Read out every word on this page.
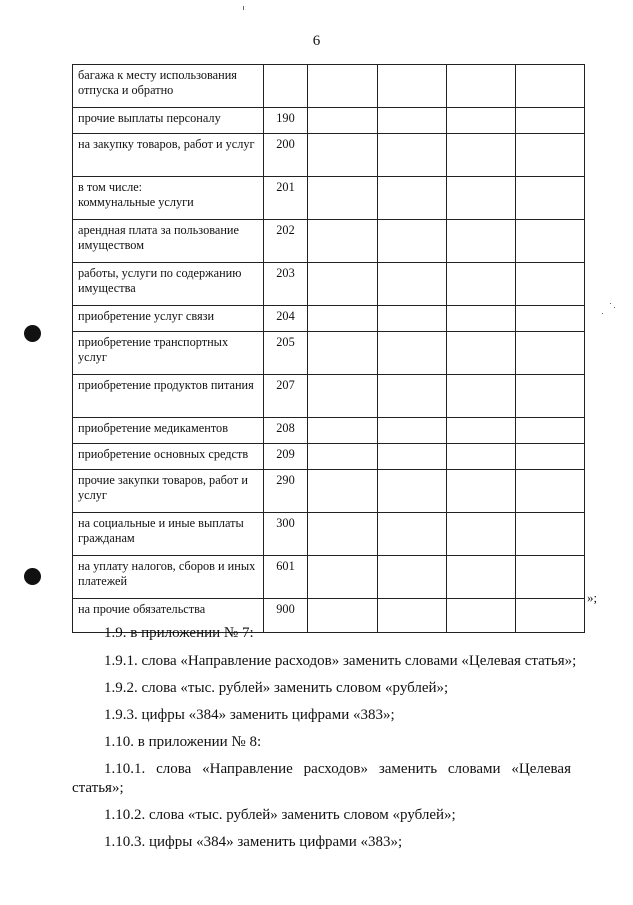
6
багажа к месту использования отпуска и обратно					
прочие выплаты персоналу	190				
на закупку товаров, работ и услуг	200				
в том числе:
коммунальные услуги	201				
арендная плата за пользование имуществом	202				
работы, услуги по содержанию имущества	203				
приобретение услуг связи	204				
приобретение транспортных услуг	205				
приобретение продуктов питания	207				
приобретение медикаментов	208				
приобретение основных средств	209				
прочие закупки товаров, работ и услуг	290				
на социальные и иные выплаты гражданам	300				
на уплату налогов, сборов и иных платежей	601				
на прочие обязательства	900				
»;
1.9. в приложении № 7:
1.9.1. слова «Направление расходов» заменить словами «Целевая статья»;
1.9.2. слова «тыс. рублей» заменить словом «рублей»;
1.9.3. цифры «384» заменить цифрами «383»;
1.10. в приложении № 8:
1.10.1. слова «Направление расходов» заменить словами «Целевая
статья»;
1.10.2. слова «тыс. рублей» заменить словом «рублей»;
1.10.3. цифры «384» заменить цифрами «383»;
